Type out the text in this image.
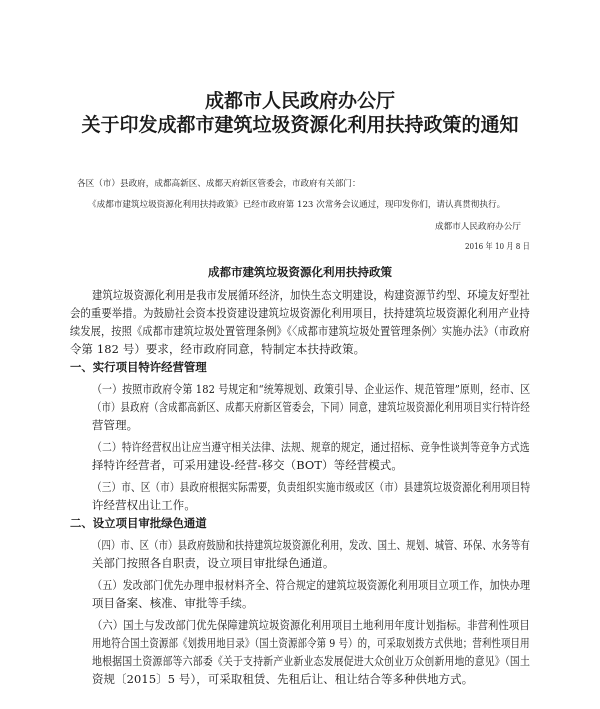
成都市人民政府办公厅
关于印发成都市建筑垃圾资源化利用扶持政策的通知
各区（市）县政府，成都高新区、成都天府新区管委会，市政府有关部门：
《成都市建筑垃圾资源化利用扶持政策》已经市政府第 123 次常务会议通过，现印发你们，请认真贯彻执行。
成都市人民政府办公厅
2016 年 10 月 8 日
成都市建筑垃圾资源化利用扶持政策
建筑垃圾资源化利用是我市发展循环经济，加快生态文明建设，构建资源节约型、环境友好型社
会的重要举措。为鼓励社会资本投资建设建筑垃圾资源化利用项目，扶持建筑垃圾资源化利用产业持
续发展，按照《成都市建筑垃圾处置管理条例》《〈成都市建筑垃圾处置管理条例〉实施办法》（市政府
令第 182 号）要求，经市政府同意，特制定本扶持政策。
一、实行项目特许经营管理
（一）按照市政府令第 182 号规定和“统筹规划、政策引导、企业运作、规范管理”原则，经市、区
（市）县政府（含成都高新区、成都天府新区管委会，下同）同意，建筑垃圾资源化利用项目实行特许经
营管理。
（二）特许经营权出让应当遵守相关法律、法规、规章的规定，通过招标、竞争性谈判等竞争方式选
择特许经营者，可采用建设-经营-移交（BOT）等经营模式。
（三）市、区（市）县政府根据实际需要，负责组织实施市级或区（市）县建筑垃圾资源化利用项目特
许经营权出让工作。
二、设立项目审批绿色通道
（四）市、区（市）县政府鼓励和扶持建筑垃圾资源化利用，发改、国土、规划、城管、环保、水务等有
关部门按照各自职责，设立项目审批绿色通道。
（五）发改部门优先办理申报材料齐全、符合规定的建筑垃圾资源化利用项目立项工作，加快办理
项目备案、核准、审批等手续。
（六）国土与发改部门优先保障建筑垃圾资源化利用项目土地利用年度计划指标。非营利性项目
用地符合国土资源部《划拨用地目录》（国土资源部令第 9 号）的，可采取划拨方式供地；营利性项目用
地根据国土资源部等六部委《关于支持新产业新业态发展促进大众创业万众创新用地的意见》（国土
资规〔2015〕5 号），可采取租赁、先租后让、租让结合等多种供地方式。
